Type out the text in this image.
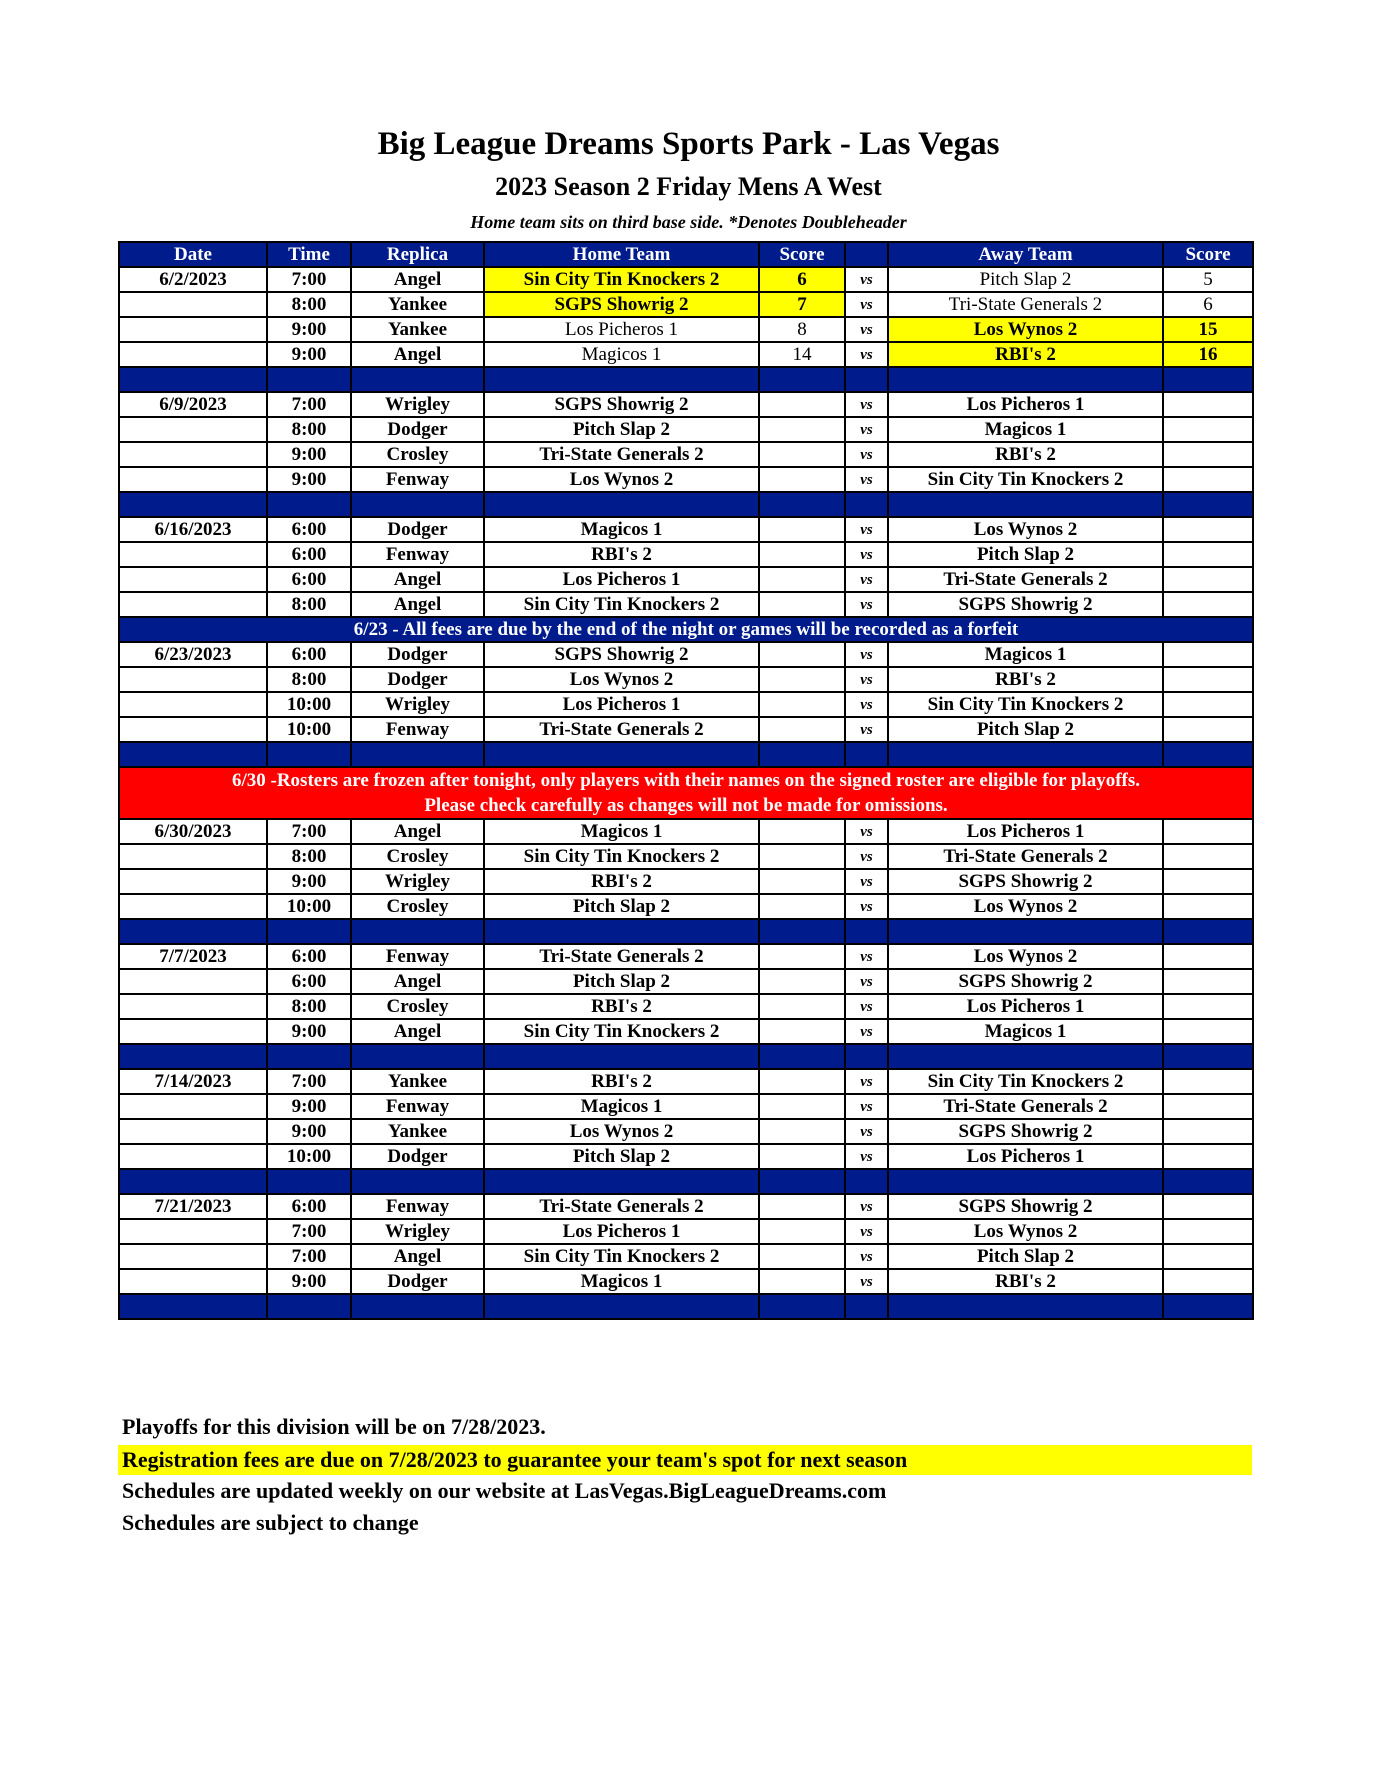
Big League Dreams Sports Park - Las Vegas
2023 Season 2 Friday Mens A West
Home team sits on third base side. *Denotes Doubleheader
Date	Time	Replica	Home Team	Score		Away Team	Score
6/2/2023	7:00	Angel	Sin City Tin Knockers 2	6	vs	Pitch Slap 2	5
	8:00	Yankee	SGPS Showrig 2	7	vs	Tri-State Generals 2	6
	9:00	Yankee	Los Picheros 1	8	vs	Los Wynos 2	15
	9:00	Angel	Magicos 1	14	vs	RBI's 2	16

6/9/2023	7:00	Wrigley	SGPS Showrig 2		vs	Los Picheros 1	
	8:00	Dodger	Pitch Slap 2		vs	Magicos 1	
	9:00	Crosley	Tri-State Generals 2		vs	RBI's 2	
	9:00	Fenway	Los Wynos 2		vs	Sin City Tin Knockers 2	

6/16/2023	6:00	Dodger	Magicos 1		vs	Los Wynos 2	
	6:00	Fenway	RBI's 2		vs	Pitch Slap 2	
	6:00	Angel	Los Picheros 1		vs	Tri-State Generals 2	
	8:00	Angel	Sin City Tin Knockers 2		vs	SGPS Showrig 2	
6/23 - All fees are due by the end of the night or games will be recorded as a forfeit							
6/23/2023	6:00	Dodger	SGPS Showrig 2		vs	Magicos 1	
	8:00	Dodger	Los Wynos 2		vs	RBI's 2	
	10:00	Wrigley	Los Picheros 1		vs	Sin City Tin Knockers 2	
	10:00	Fenway	Tri-State Generals 2		vs	Pitch Slap 2	

6/30 -Rosters are frozen after tonight, only players with their names on the signed roster are eligible for playoffs.
Please check carefully as changes will not be made for omissions.							

6/30/2023	7:00	Angel	Magicos 1		vs	Los Picheros 1	
	8:00	Crosley	Sin City Tin Knockers 2		vs	Tri-State Generals 2	
	9:00	Wrigley	RBI's 2		vs	SGPS Showrig 2	
	10:00	Crosley	Pitch Slap 2		vs	Los Wynos 2	

7/7/2023	6:00	Fenway	Tri-State Generals 2		vs	Los Wynos 2	
	6:00	Angel	Pitch Slap 2		vs	SGPS Showrig 2	
	8:00	Crosley	RBI's 2		vs	Los Picheros 1	
	9:00	Angel	Sin City Tin Knockers 2		vs	Magicos 1	

7/14/2023	7:00	Yankee	RBI's 2		vs	Sin City Tin Knockers 2	
	9:00	Fenway	Magicos 1		vs	Tri-State Generals 2	
	9:00	Yankee	Los Wynos 2		vs	SGPS Showrig 2	
	10:00	Dodger	Pitch Slap 2		vs	Los Picheros 1	

7/21/2023	6:00	Fenway	Tri-State Generals 2		vs	SGPS Showrig 2	
	7:00	Wrigley	Los Picheros 1		vs	Los Wynos 2	
	7:00	Angel	Sin City Tin Knockers 2		vs	Pitch Slap 2	
	9:00	Dodger	Magicos 1		vs	RBI's 2	

Playoffs for this division will be on 7/28/2023.
Registration fees are due on 7/28/2023 to guarantee your team's spot for next season
Schedules are updated weekly on our website at LasVegas.BigLeagueDreams.com
Schedules are subject to change
